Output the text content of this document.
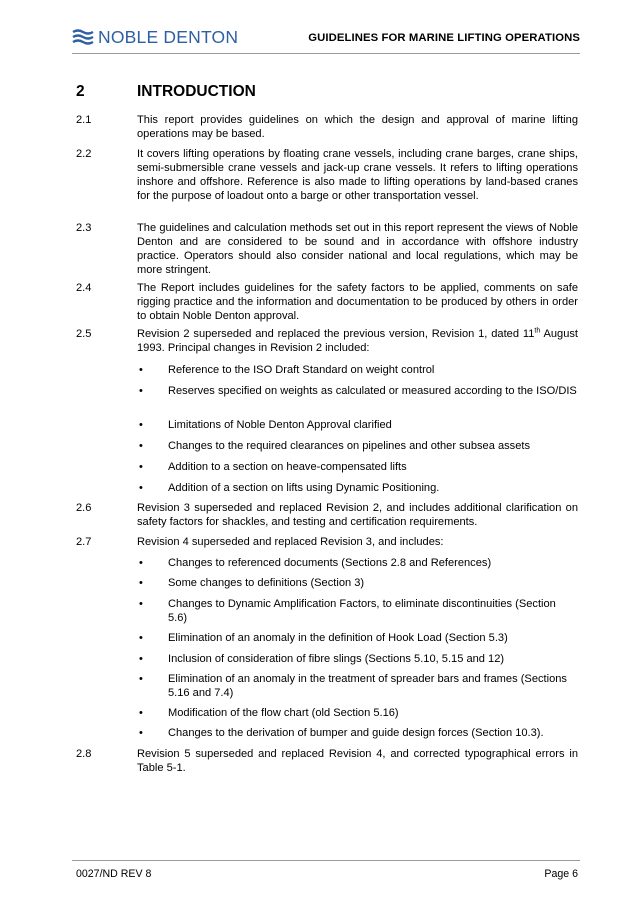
NOBLE DENTON	GUIDELINES FOR MARINE LIFTING OPERATIONS
2	INTRODUCTION
2.1	This report provides guidelines on which the design and approval of marine lifting operations may be based.
2.2	It covers lifting operations by floating crane vessels, including crane barges, crane ships, semi-submersible crane vessels and jack-up crane vessels. It refers to lifting operations inshore and offshore. Reference is also made to lifting operations by land-based cranes for the purpose of loadout onto a barge or other transportation vessel.
2.3	The guidelines and calculation methods set out in this report represent the views of Noble Denton and are considered to be sound and in accordance with offshore industry practice. Operators should also consider national and local regulations, which may be more stringent.
2.4	The Report includes guidelines for the safety factors to be applied, comments on safe rigging practice and the information and documentation to be produced by others in order to obtain Noble Denton approval.
2.5	Revision 2 superseded and replaced the previous version, Revision 1, dated 11th August 1993. Principal changes in Revision 2 included:
• Reference to the ISO Draft Standard on weight control
• Reserves specified on weights as calculated or measured according to the ISO/DIS
• Limitations of Noble Denton Approval clarified
• Changes to the required clearances on pipelines and other subsea assets
• Addition to a section on heave-compensated lifts
• Addition of a section on lifts using Dynamic Positioning.
2.6	Revision 3 superseded and replaced Revision 2, and includes additional clarification on safety factors for shackles, and testing and certification requirements.
2.7	Revision 4 superseded and replaced Revision 3, and includes:
• Changes to referenced documents (Sections 2.8 and References)
• Some changes to definitions (Section 3)
• Changes to Dynamic Amplification Factors, to eliminate discontinuities (Section 5.6)
• Elimination of an anomaly in the definition of Hook Load (Section 5.3)
• Inclusion of consideration of fibre slings (Sections 5.10, 5.15 and 12)
• Elimination of an anomaly in the treatment of spreader bars and frames (Sections 5.16 and 7.4)
• Modification of the flow chart (old Section 5.16)
• Changes to the derivation of bumper and guide design forces (Section 10.3).
2.8	Revision 5 superseded and replaced Revision 4, and corrected typographical errors in Table 5-1.
0027/ND REV 8	Page 6
